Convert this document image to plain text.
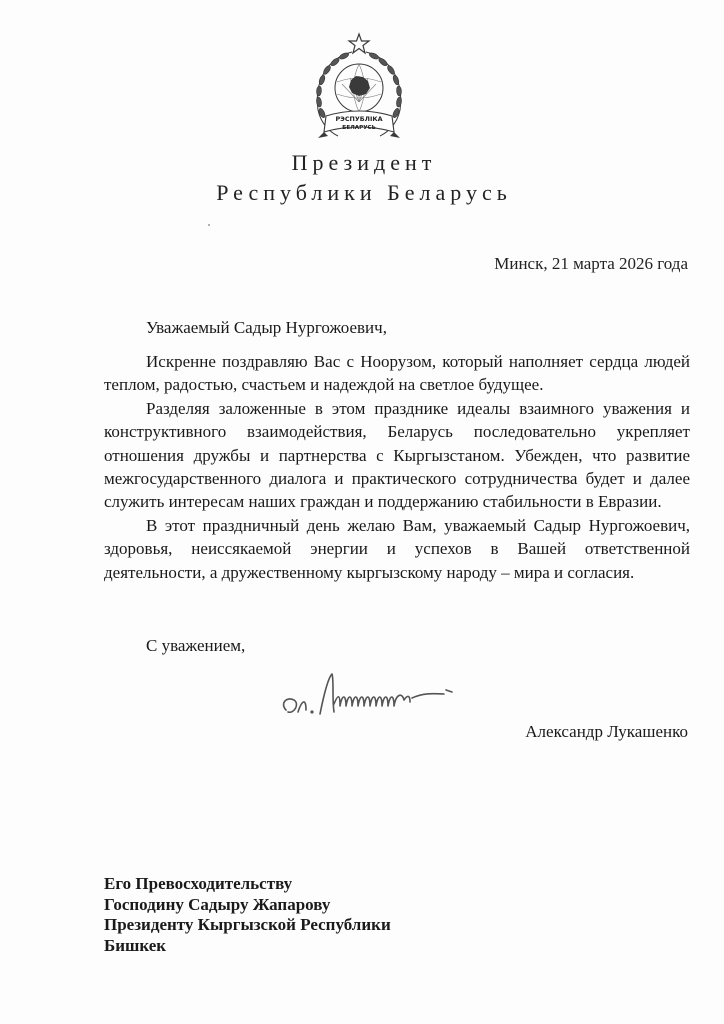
РЭСПУБЛІКА
БЕЛАРУСЬ
Президент
Республики Беларусь
Минск, 21 марта 2026 года
Уважаемый Садыр Нургожоевич,

Искренне поздравляю Вас с Ноорузом, который наполняет сердца людей теплом, радостью, счастьем и надеждой на светлое будущее.

Разделяя заложенные в этом празднике идеалы взаимного уважения и конструктивного взаимодействия, Беларусь последовательно укрепляет отношения дружбы и партнерства с Кыргызстаном. Убежден, что развитие межгосударственного диалога и практического сотрудничества будет и далее служить интересам наших граждан и поддержанию стабильности в Евразии.

В этот праздничный день желаю Вам, уважаемый Садыр Нургожоевич, здоровья, неиссякаемой энергии и успехов в Вашей ответственной деятельности, а дружественному кыргызскому народу – мира и согласия.

С уважением,
Александр Лукашенко
Его Превосходительству
Господину Садыру Жапарову
Президенту Кыргызской Республики
Бишкек
